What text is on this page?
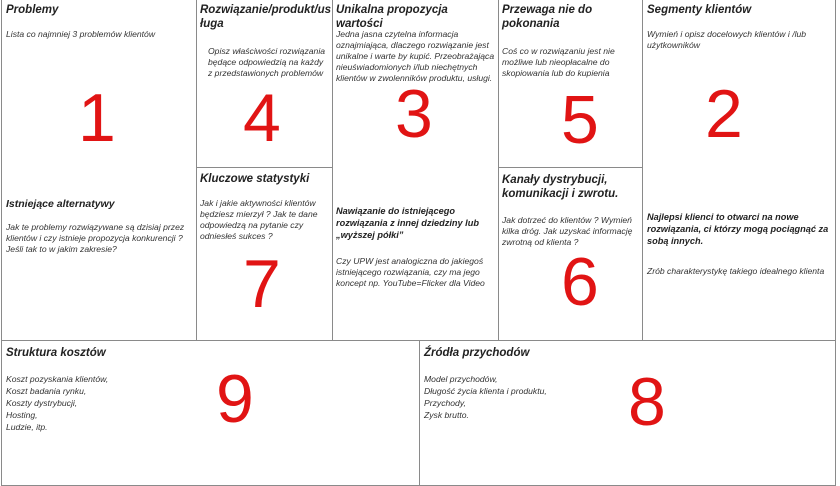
Problemy
Lista co najmniej 3 problemów klientów
1
Istniejące alternatywy
Jak te problemy rozwiązywane są dzisiaj przez klientów i czy istnieje propozycja konkurencji ? Jeśli tak to w jakim zakresie?
Rozwiązanie/produkt/us ługa
Opisz właściwości rozwiązania będące odpowiedzią na każdy z przedstawionych problemów
4
Kluczowe statystyki
Jak i jakie aktywności klientów będziesz mierzył ? Jak te dane odpowiedzą na pytanie czy odniesłeś sukces ?
7
Unikalna propozycja wartości
Jedna jasna czytelna informacja oznajmiająca, dlaczego rozwiązanie jest unikalne i warte by kupić. Przeobrażająca nieuświadomionych i/lub niechętnych klientów w zwolenników produktu, usługi.
3
Nawiązanie do istniejącego rozwiązania z innej dziedziny lub „wyższej półki”
Czy UPW jest analogiczna do jakiegoś istniejącego rozwiązania, czy ma jego koncept np. YouTube=Flicker dla Video
Przewaga nie do pokonania
Coś co w rozwiązaniu jest nie możliwe lub nieopłacalne do skopiowania lub do kupienia
5
Kanały dystrybucji, komunikacji i zwrotu.
Jak dotrzeć do klientów ? Wymień kilka dróg. Jak uzyskać informację zwrotną od klienta ?
6
Segmenty klientów
Wymień i opisz docelowych klientów i /lub użytkowników
2
Najlepsi klienci to otwarci na nowe rozwiązania, ci którzy mogą pociągnąć za sobą innych.
Zrób charakterystykę takiego idealnego klienta
Struktura kosztów
Koszt pozyskania klientów,
Koszt badania rynku,
Koszty dystrybucji,
Hosting,
Ludzie, itp. 9
Źródła przychodów
Model przychodów,
Długość życia klienta i produktu,
Przychody,
Zysk brutto. 8
